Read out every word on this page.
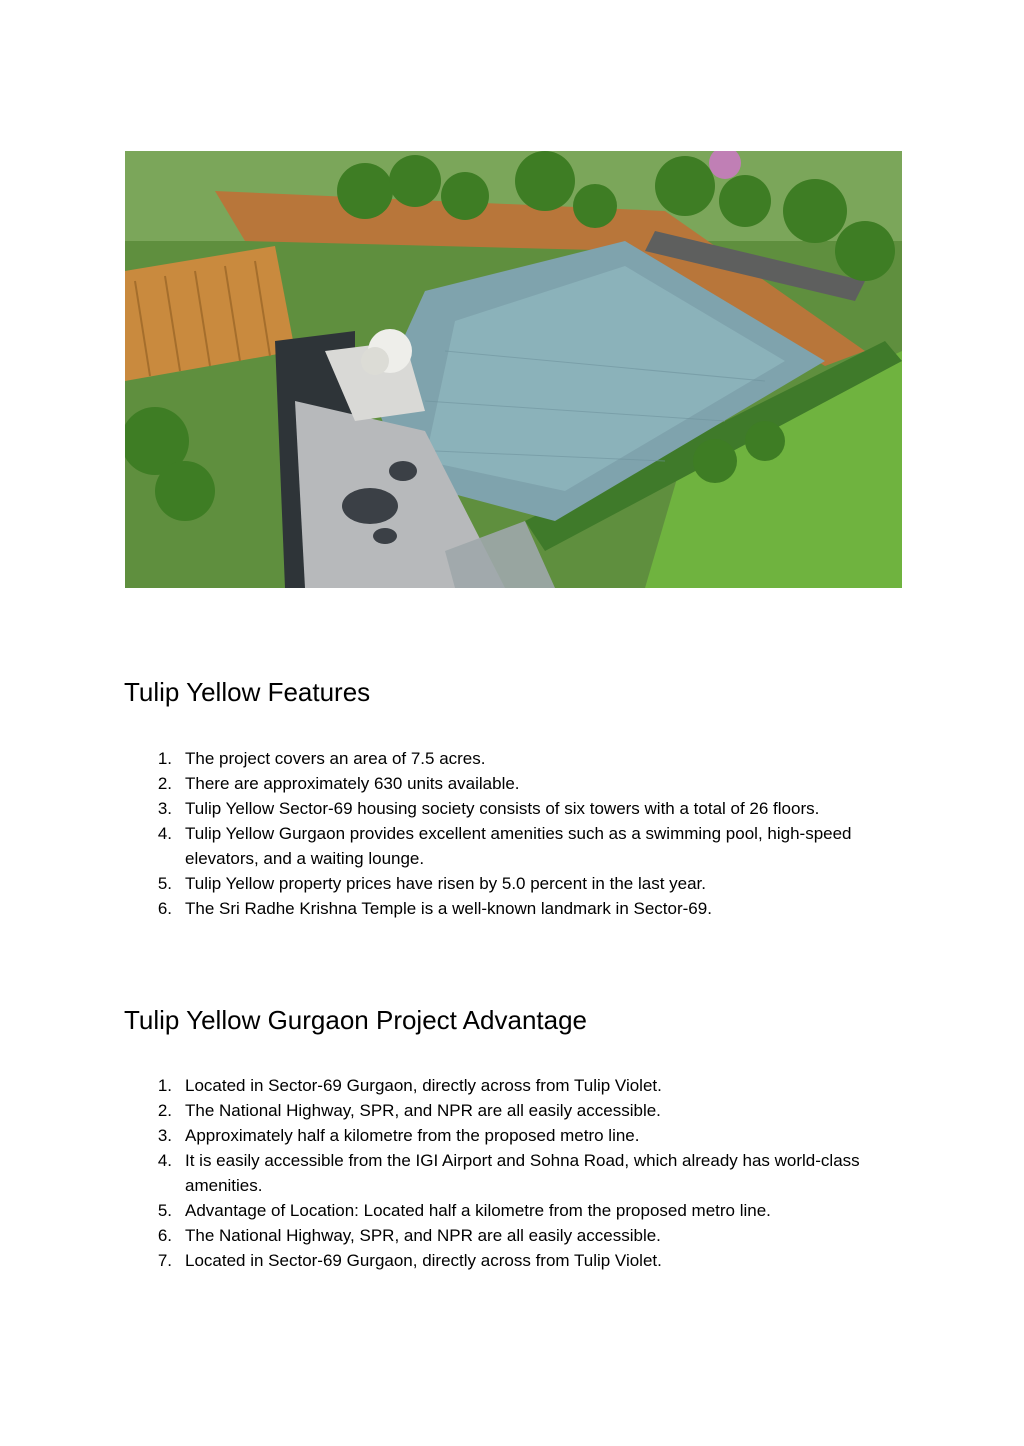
Tulip Yellow Features
1. The project covers an area of 7.5 acres.
2. There are approximately 630 units available.
3. Tulip Yellow Sector-69 housing society consists of six towers with a total of 26 floors.
4. Tulip Yellow Gurgaon provides excellent amenities such as a swimming pool, high-speed elevators, and a waiting lounge.
5. Tulip Yellow property prices have risen by 5.0 percent in the last year.
6. The Sri Radhe Krishna Temple is a well-known landmark in Sector-69.
Tulip Yellow Gurgaon Project Advantage
1. Located in Sector-69 Gurgaon, directly across from Tulip Violet.
2. The National Highway, SPR, and NPR are all easily accessible.
3. Approximately half a kilometre from the proposed metro line.
4. It is easily accessible from the IGI Airport and Sohna Road, which already has world-class amenities.
5. Advantage of Location: Located half a kilometre from the proposed metro line.
6. The National Highway, SPR, and NPR are all easily accessible.
7. Located in Sector-69 Gurgaon, directly across from Tulip Violet.
